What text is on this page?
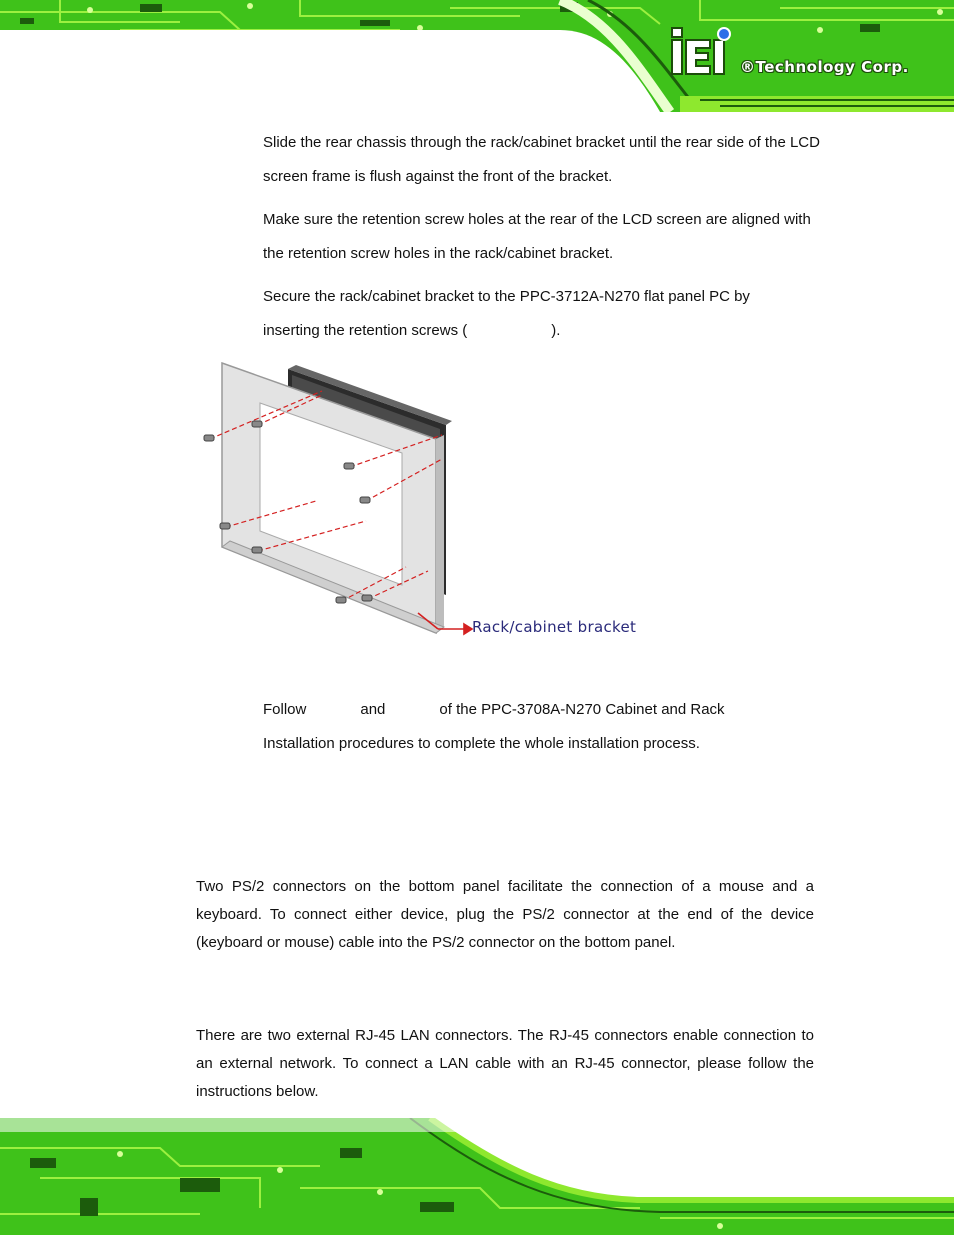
®Technology Corp.
Slide the rear chassis through the rack/cabinet bracket until the rear side of the LCD screen frame is flush against the front of the bracket.
Make sure the retention screw holes at the rear of the LCD screen are aligned with the retention screw holes in the rack/cabinet bracket.
Secure the rack/cabinet bracket to the PPC-3712A-N270 flat panel PC by
inserting the retention screws (	).
Rack/cabinet bracket
Follow	and	of the PPC-3708A-N270 Cabinet and Rack
Installation procedures to complete the whole installation process.
Two PS/2 connectors on the bottom panel facilitate the connection of a mouse and a keyboard. To connect either device, plug the PS/2 connector at the end of the device (keyboard or mouse) cable into the PS/2 connector on the bottom panel.
There are two external RJ-45 LAN connectors. The RJ-45 connectors enable connection to an external network. To connect a LAN cable with an RJ-45 connector, please follow the instructions below.
